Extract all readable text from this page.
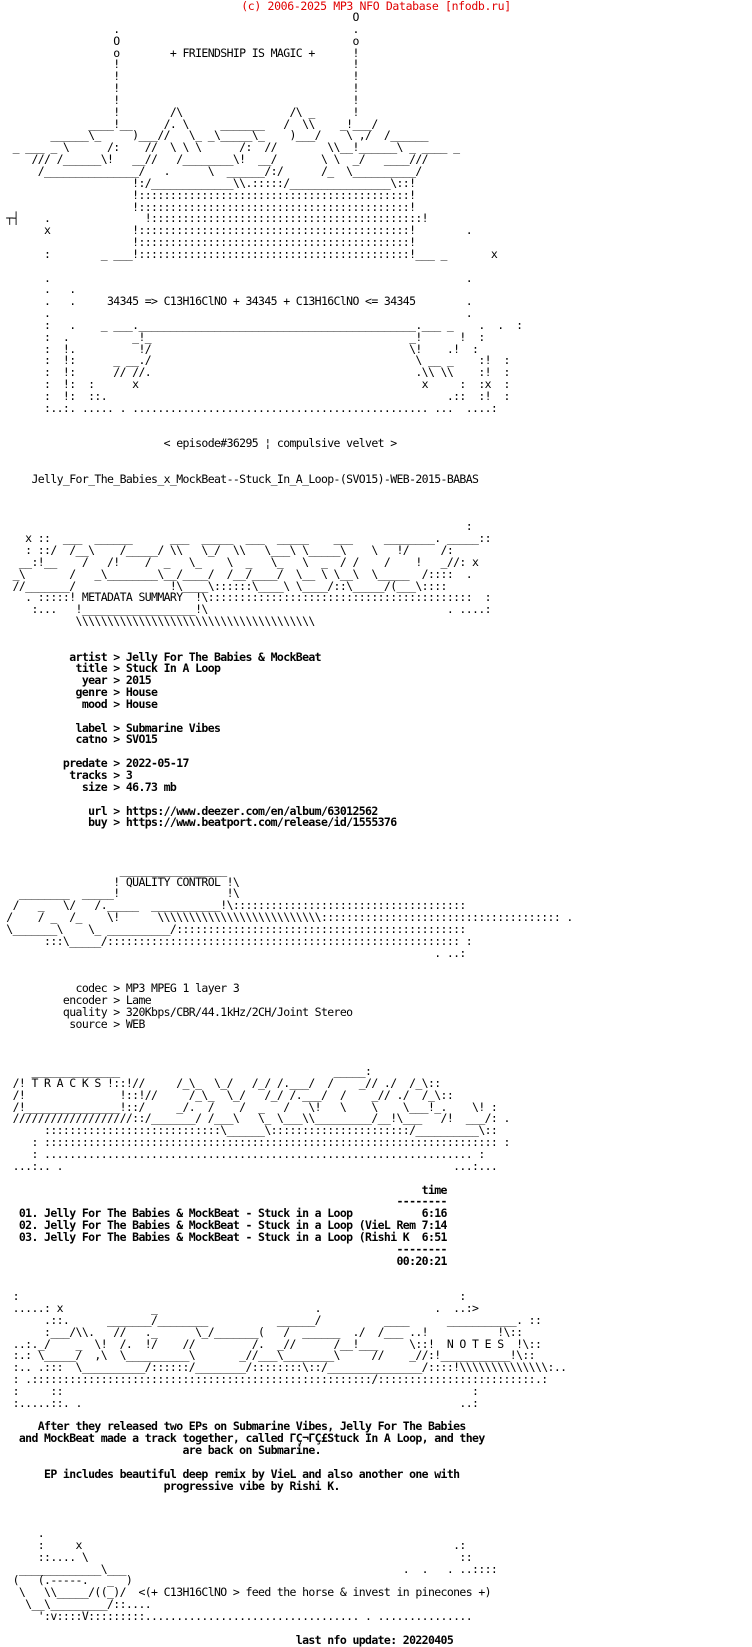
(c) 2006-2025 MP3 NFO Database [nfodb.ru]
O
.                                     .
O                                     o
o        + FRIENDSHIP IS MAGIC +      !
!                                     !
!                                     !
!                                     !
!                                     !
!        /\                 /\ _      !
____!__     /. \     _______   /  \\    _!___/
______\_     )___//   \_ _\_____\_    )___/    \ ,/  /______
_ ___ _ \      /:    //  \ \ \      /:  //        \\__!______\ _ ____ _
/// /______\!   __//   /________\!  __/       \ \  _/   ____///
/_______________/   .      \  ______/:/      /_  \__________/
!:/_____________\\.:::::/________________\::!
!:::::::::::::::::::::::::::::::::::::::::::!
!:::::::::::::::::::::::::::::::::::::::::::!
┬┤    .               !:::::::::::::::::::::::::::::::::::::::::::!
x             !:::::::::::::::::::::::::::::::::::::::::::!        .
!:::::::::::::::::::::::::::::::::::::::::::!
:        _ ___!:::::::::::::::::::::::::::::::::::::::::::!___ _       x
.                                                                  .
.   .
.   .     34345 => C13H16ClNO + 34345 + C13H16ClNO <= 34345        .
.                                                                  .
:   .    _ ___.____________________________________________.___ _    .  .  :
:  .          _!_                                         _!      !  :
:  !.          !/                                         \!    .!  :
:  !:      _ __./                                          \ __ _    :!  :
:  !:      // //.                                          .\\ \\    :!  :
:  !:  :      x                                             x     :  :x  :
:  !:  ::.                                                      .::  :!  :
:..:. ..... . ............................................... ...  ....:
< episode#36295 ¦ compulsive velvet >
Jelly_For_The_Babies_x_MockBeat--Stuck_In_A_Loop-(SVO15)-WEB-2015-BABAS
:
x ::  ___  ______      ___  _____  ___  _____    ___     ________. _____::
: ::/  /__\    /_____/ \\   \_/  \\   \___\ \_____\    \   !/     /:
__:!__    /   /!    /  _   \_    \  _   \_   \  _  / /    /    !   _//: x
_\       /   _\________\__/____/  /__/____/  \__ \ \__\  \_____  /::::  .
//_______/               !\____\::::::\____\ \____/::\_____/(___\::::
. :::::! METADATA SUMMARY  !\::::::::::::::::::::::::::::::::::::::::::  :
:...   !__________________!\                                      . ....:
\\\\\\\\\\\\\\\\\\\\\\\\\\\\\\\\\\\\\\
artist > Jelly For The Babies & MockBeat
title > Stuck In A Loop
year > 2015
genre > House
mood > House
label > Submarine Vibes
catno > SVO15
predate > 2022-05-17
tracks > 3
size > 46.73 mb
url > https://www.deezer.com/en/album/63012562
buy > https://www.beatport.com/release/id/1555376
_________________
! QUALITY CONTROL !\
________  _____!                 !\
/   _   \/   /._____  ___________!\:::::::::::::::::::::::::::::::::::::
/    / _  /_    \!      \\\\\\\\\\\\\\\\\\\\\\\\\\:::::::::::::::::::::::::::::::::::::: .
\_______\    \_ __________/::::::::::::::::::::::::::::::::::::::::::::::
:::\_____/:::::::::::::::::::::::::::::::::::::::::::::::::::::::: :
. ..:
codec > MP3 MPEG 1 layer 3
encoder > Lame
quality > 320Kbps/CBR/44.1kHz/2CH/Joint Stereo
source > WEB
______________                                  _____:
/! T R A C K S !::!//     /_\_  \_/   /_/ /.___/  /    _// ./  /_\::
/!               !::!//     /_\_  \_/   /_/ /.___/  /    _// ./  /_\::
/!_______________!::/     _/.  /    /  _   /   \!   \    \    \___!_.    \! :
///////////////////::/_______/ /___\   \_ \___\\_________/__!\___   /!  ___/: .
::::::::::::::::::::::::::::\______\::::::::::::::::::::::/__________\::
: :::::::::::::::::::::::::::::::::::::::::::::::::::::::::::::::::::::::: :
: .................................................................... :
...:.. .                                                              ...:...
time
--------
01. Jelly For The Babies & MockBeat - Stuck in a Loop           6:16
02. Jelly For The Babies & MockBeat - Stuck in a Loop (VieL Rem 7:14
03. Jelly For The Babies & MockBeat - Stuck in a Loop (Rishi K  6:51
--------
00:20:21
:                                                                      :
.....: x              _                         .                  .  ..:>
.::.      _______/________           ______/          ____      ___________. ::
:___/\\.   //   ._      \_/_______(   /  ______  ./  /___ ..!           !\::
..:._/    _  \!  /.  !/    //         /.  _//      /__!___     \::!  N O T E S  !\::
:.: \_____/  ,\  \__________\       _//___\________\     //    _//:!___________!\::
:.. .:::  \__________/::::::/________/::::::::\::/_______________/::::!\\\\\\\\\\\\\\:..
: .::::::::::::::::::::::::::::::::::::::::::::::::::::::/:::::::::::::::::::::::::.:
:     ::                                                                 :
:.....::. .                                                            ..:
After they released two EPs on Submarine Vibes, Jelly For The Babies
and MockBeat made a track together, called ΓÇ¬ΓÇ£Stuck In A Loop, and they
are back on Submarine.
EP includes beautiful deep remix by VieL and also another one with
progressive vibe by Rishi K.
.
:     x                                                           .:
::.... \                                                           ::
_____________\___                                            .  .   . ..::::
(   (.-----.   _  )
\   \\_____/((_)/  <(+ C13H16ClNO > feed the horse & invest in pinecones +)
\__\_________/::....
':v::::V:::::::::.................................. . ...............
last nfo update: 20220405
